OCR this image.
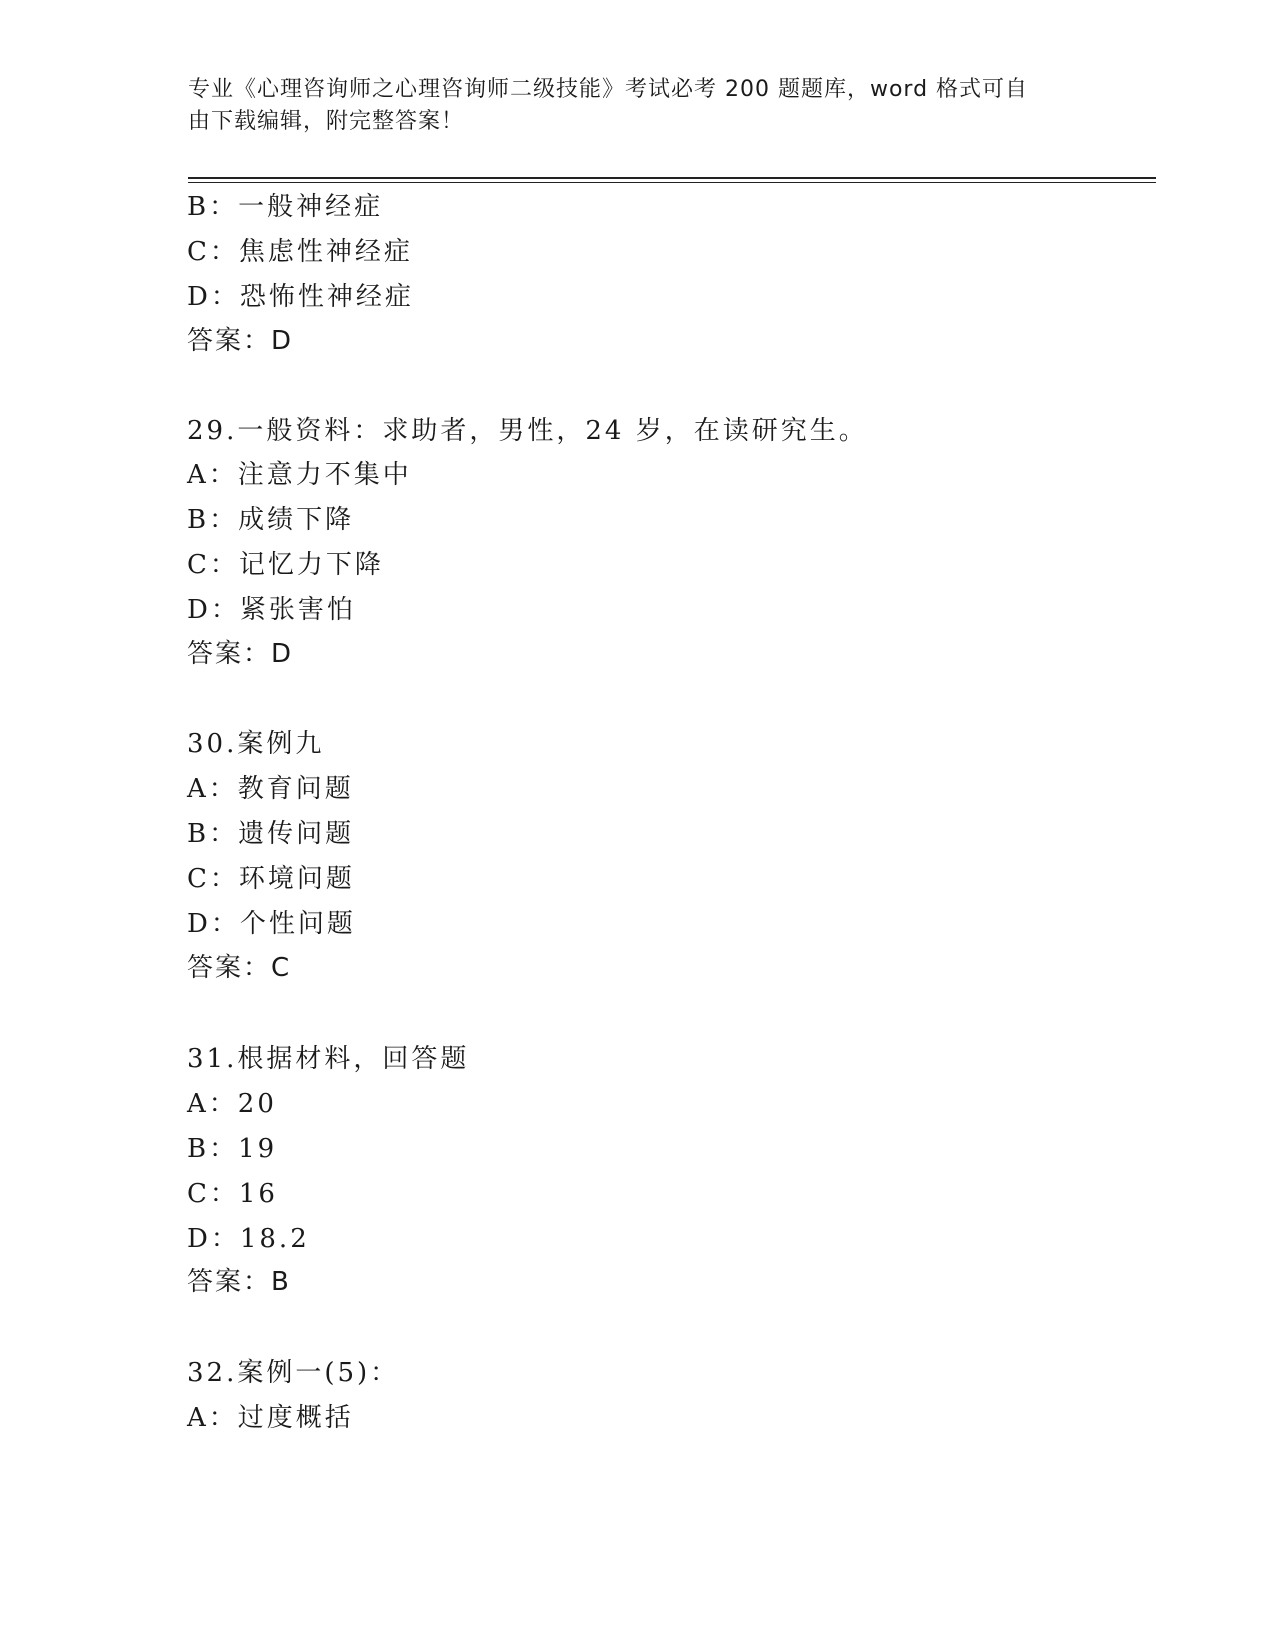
专业《心理咨询师之心理咨询师二级技能》考试必考 200 题题库，word 格式可自
由下载编辑，附完整答案！
B：一般神经症
C：焦虑性神经症
D：恐怖性神经症
答案：D
29.一般资料：求助者，男性，24 岁，在读研究生。
A：注意力不集中
B：成绩下降
C：记忆力下降
D：紧张害怕
答案：D
30.案例九
A：教育问题
B：遗传问题
C：环境问题
D：个性问题
答案：C
31.根据材料，回答题
A：20
B：19
C：16
D：18.2
答案：B
32.案例一(5)：
A：过度概括
